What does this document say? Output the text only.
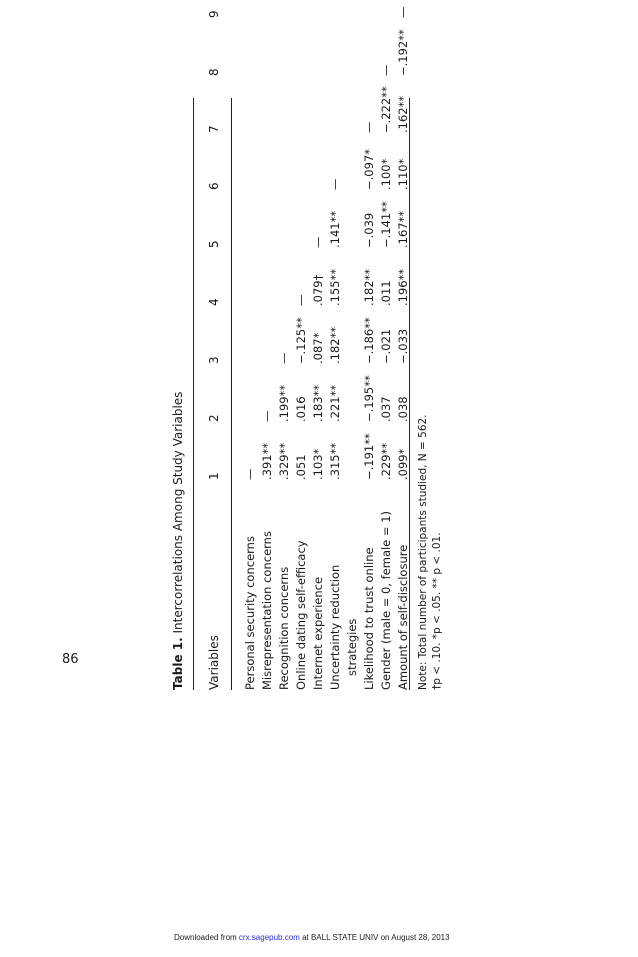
Table 1. Intercorrelations Among Study Variables
Variables
1
2
3
4
5
6
7
8
9
Personal security concerns
—
Misrepresentation concerns
.391**
—
Recognition concerns
.329**
.199**
—
Online dating self-efficacy
.051
.016
−.125**
—
Internet experience
.103*
.183**
.087*
.079†
—
Uncertainty reduction strategies
.315**
.221**
.182**
.155**
.141**
—
Likelihood to trust online
−.191**
−.195**
−.186**
.182**
−.039
−.097*
—
Gender (male = 0, female = 1)
.229**
.037
−.021
.011
−.141**
.100*
−.222**
—
Amount of self-disclosure
.099*
.038
−.033
.196**
.167**
.110*
.162**
−.192**
—
Note: Total number of participants studied, N = 562. †p < .10. *p < .05. ** p < .01.
86
Downloaded from crx.sagepub.com at BALL STATE UNIV on August 28, 2013
